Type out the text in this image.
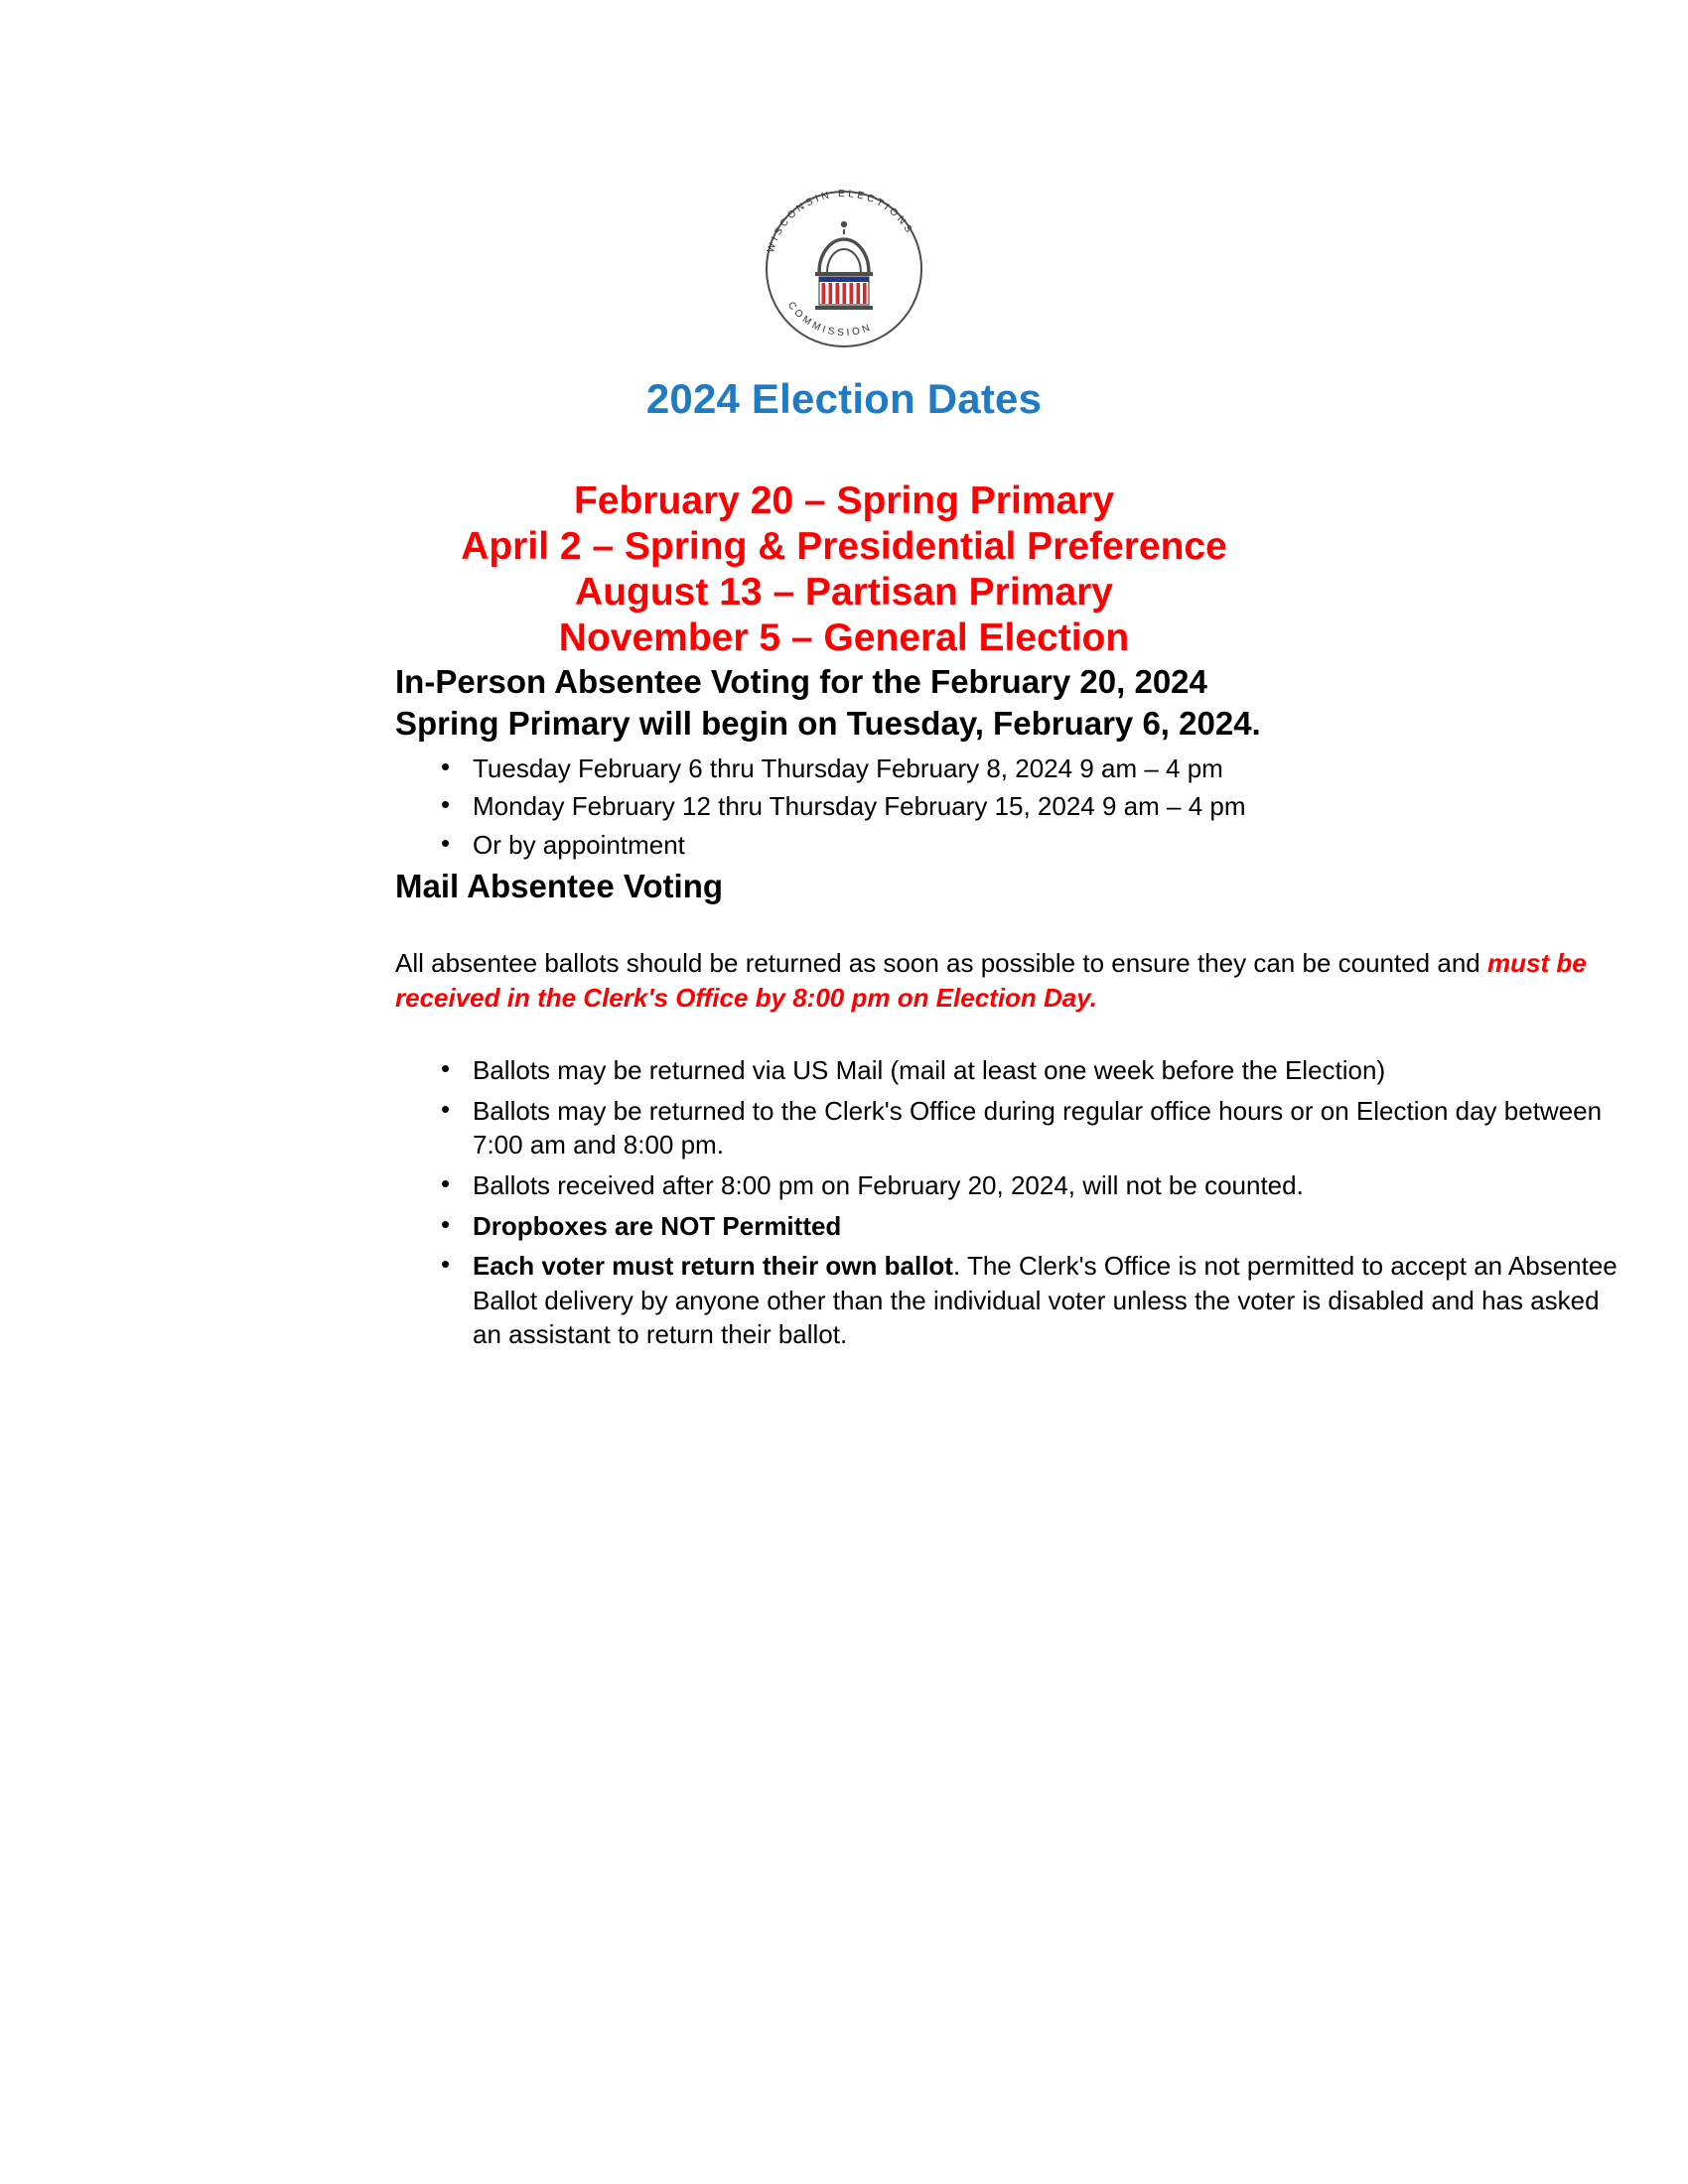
WISCONSIN ELECTIONS
COMMISSION
2024 Election Dates
February 20 – Spring Primary
April 2 – Spring & Presidential Preference
August 13 – Partisan Primary
November 5 – General Election
In-Person Absentee Voting for the February 20, 2024
Spring Primary will begin on Tuesday, February 6, 2024.
• Tuesday February 6 thru Thursday February 8, 2024 9 am – 4 pm
• Monday February 12 thru Thursday February 15, 2024 9 am – 4 pm
• Or by appointment
Mail Absentee Voting

All absentee ballots should be returned as soon as possible to ensure they can be counted and must be received in the Clerk's Office by 8:00 pm on Election Day.

• Ballots may be returned via US Mail (mail at least one week before the Election)
• Ballots may be returned to the Clerk's Office during regular office hours or on Election day between 7:00 am and 8:00 pm.
• Ballots received after 8:00 pm on February 20, 2024, will not be counted.
• Dropboxes are NOT Permitted
• Each voter must return their own ballot. The Clerk's Office is not permitted to accept an Absentee Ballot delivery by anyone other than the individual voter unless the voter is disabled and has asked an assistant to return their ballot.
